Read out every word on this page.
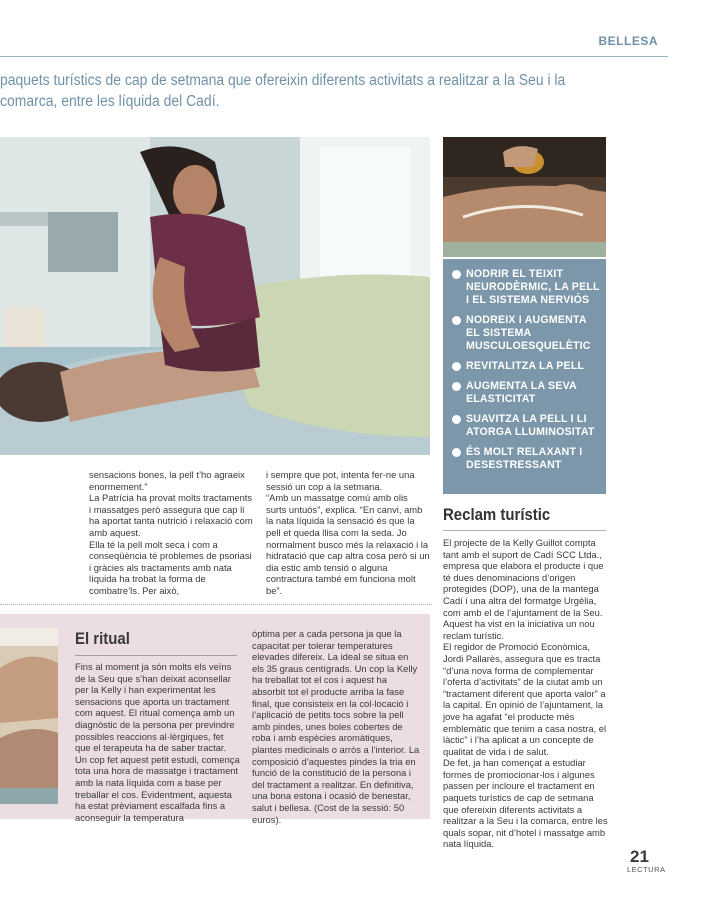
BELLESA
paquets turístics de cap de setmana que ofereixin diferents activitats a realitzar a la Seu i la comarca, entre les líquida del Cadí.
NODRIR EL TEIXIT NEURODÈRMIC, LA PELL I EL SISTEMA NERVIÓS
NODREIX I AUGMENTA EL SISTEMA MUSCULOESQUELÈTIC
REVITALITZA LA PELL
AUGMENTA LA SEVA ELASTICITAT
SUAVITZA LA PELL I LI ATORGA LLUMINOSITAT
ÉS MOLT RELAXANT I DESESTRESSANT

sensacions bones, la pell t’ho agraeix enormement.”

La Patrícia ha provat molts tractaments i massatges però assegura que cap li ha aportat tanta nutrició i relaxació com amb aquest.

Ella té la pell molt seca i com a conseqüència té problemes de psoriasi i gràcies als tractaments amb nata líquida ha trobat la forma de combatre’ls. Per això,

i sempre que pot, intenta fer-ne una sessió un cop a la setmana.

“Amb un massatge comú amb olis surts untuós”, explica. “En canvi, amb la nata líquida la sensació és que la pell et queda llisa com la seda. Jo normalment busco més la relaxació i la hidratació que cap altra cosa però si un dia estic amb tensió o alguna contractura també em funciona molt be”.

Reclam turístic

El projecte de la Kelly Guillot compta tant amb el suport de Cadí SCC Ltda., empresa que elabora el producte i que té dues denominacions d’origen protegides (DOP), una de la mantega Cadí i una altra del formatge Urgèlia, com amb el de l’ajuntament de la Seu. Aquest ha vist en la iniciativa un nou reclam turístic.

El regidor de Promoció Econòmica, Jordi Pallarès, assegura que es tracta “d’una nova forma de complementar l’oferta d’activitats” de la ciutat amb un “tractament diferent que aporta valor” a la capital. En opinió de l’ajuntament, la jove ha agafat “el producte més emblemàtic que tenim a casa nostra, el làctic” i l’ha aplicat a un concepte de qualitat de vida i de salut.

De fet, ja han començat a estudiar formes de promocionar-los i algunes passen per incloure el tractament en paquets turístics de cap de setmana que ofereixin diferents activitats a realitzar a la Seu i la comarca, entre les quals sopar, nit d’hotel i massatge amb nata líquida.

El ritual
Fins al moment ja són molts els veïns de la Seu que s’han deixat aconsellar per la Kelly i han experimentat les sensacions que aporta un tractament com aquest. El ritual comença amb un diagnòstic de la persona per previndre possibles reaccions al·lèrgiques, fet que el terapeuta ha de saber tractar. Un cop fet aquest petit estudi, comença tota una hora de massatge i tractament amb la nata líquida com a base per treballar el cos. Evidentment, aquesta ha estat prèviament escalfada fins a aconseguir la temperatura
òptima per a cada persona ja que la capacitat per tolerar temperatures elevades difereix. La ideal se situa en els 35 graus centígrads. Un cop la Kelly ha treballat tot el cos i aquest ha absorbit tot el producte arriba la fase final, que consisteix en la col·locació i l’aplicació de petits tocs sobre la pell amb pindes, unes boles cobertes de roba i amb espècies aromàtiques, plantes medicinals o arròs a l’interior. La composició d’aquestes pindes la tria en funció de la constitució de la persona i del tractament a realitzar. En definitiva, una bona estona i ocasió de benestar, salut i bellesa. (Cost de la sessió: 50 euros).
21
LECTURA
